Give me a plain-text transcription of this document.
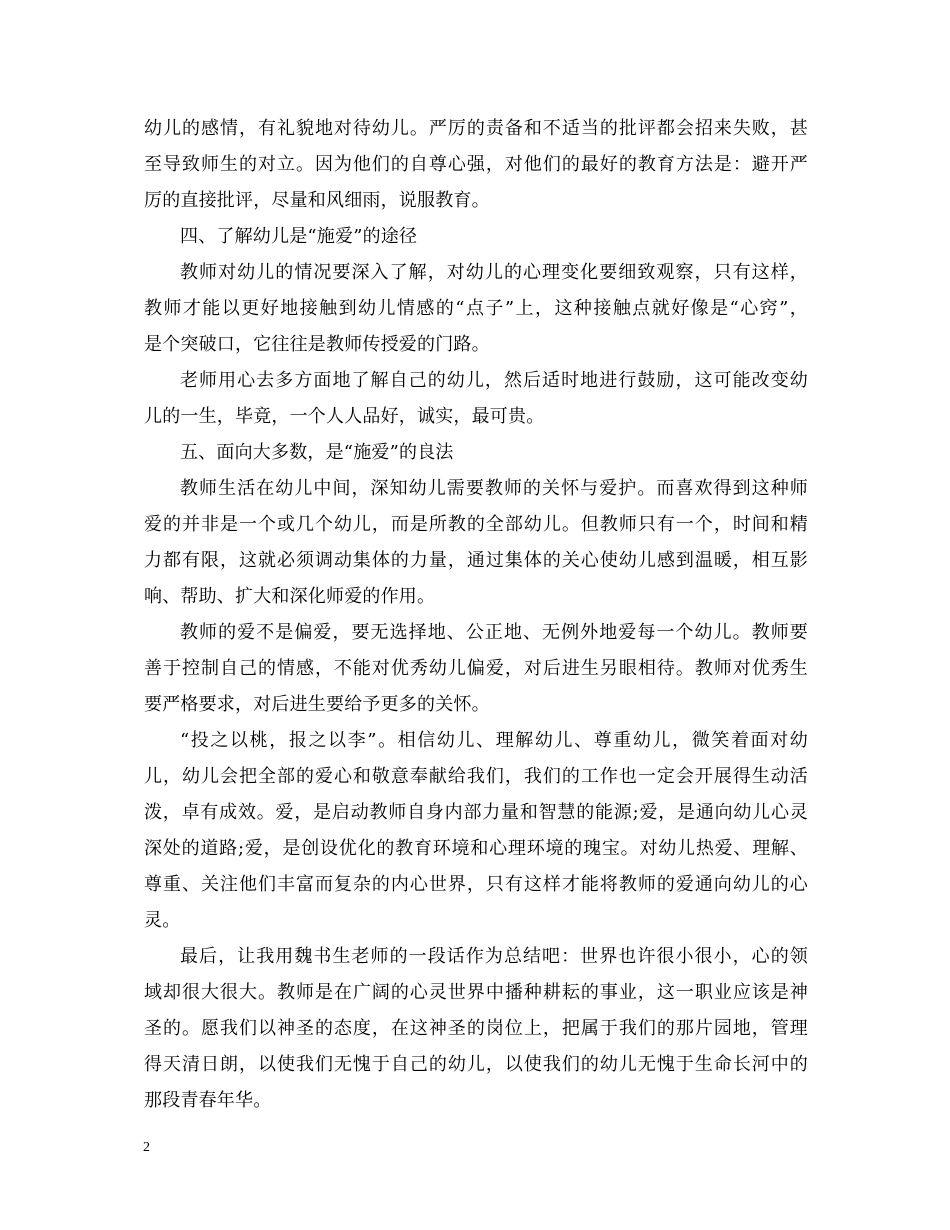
幼儿的感情，有礼貌地对待幼儿。严厉的责备和不适当的批评都会招来失败，甚
至导致师生的对立。因为他们的自尊心强，对他们的最好的教育方法是：避开严
厉的直接批评，尽量和风细雨，说服教育。
四、了解幼儿是“施爱”的途径
教师对幼儿的情况要深入了解，对幼儿的心理变化要细致观察，只有这样，
教师才能以更好地接触到幼儿情感的“点子”上，这种接触点就好像是“心窍”，
是个突破口，它往往是教师传授爱的门路。
老师用心去多方面地了解自己的幼儿，然后适时地进行鼓励，这可能改变幼
儿的一生，毕竟，一个人人品好，诚实，最可贵。
五、面向大多数，是“施爱”的良法
教师生活在幼儿中间，深知幼儿需要教师的关怀与爱护。而喜欢得到这种师
爱的并非是一个或几个幼儿，而是所教的全部幼儿。但教师只有一个，时间和精
力都有限，这就必须调动集体的力量，通过集体的关心使幼儿感到温暖，相互影
响、帮助、扩大和深化师爱的作用。
教师的爱不是偏爱，要无选择地、公正地、无例外地爱每一个幼儿。教师要
善于控制自己的情感，不能对优秀幼儿偏爱，对后进生另眼相待。教师对优秀生
要严格要求，对后进生要给予更多的关怀。
“投之以桃，报之以李”。相信幼儿、理解幼儿、尊重幼儿，微笑着面对幼
儿，幼儿会把全部的爱心和敬意奉献给我们，我们的工作也一定会开展得生动活
泼，卓有成效。爱，是启动教师自身内部力量和智慧的能源;爱，是通向幼儿心灵
深处的道路;爱，是创设优化的教育环境和心理环境的瑰宝。对幼儿热爱、理解、
尊重、关注他们丰富而复杂的内心世界，只有这样才能将教师的爱通向幼儿的心
灵。
最后，让我用魏书生老师的一段话作为总结吧：世界也许很小很小，心的领
域却很大很大。教师是在广阔的心灵世界中播种耕耘的事业，这一职业应该是神
圣的。愿我们以神圣的态度，在这神圣的岗位上，把属于我们的那片园地，管理
得天清日朗，以使我们无愧于自己的幼儿，以使我们的幼儿无愧于生命长河中的
那段青春年华。
2
